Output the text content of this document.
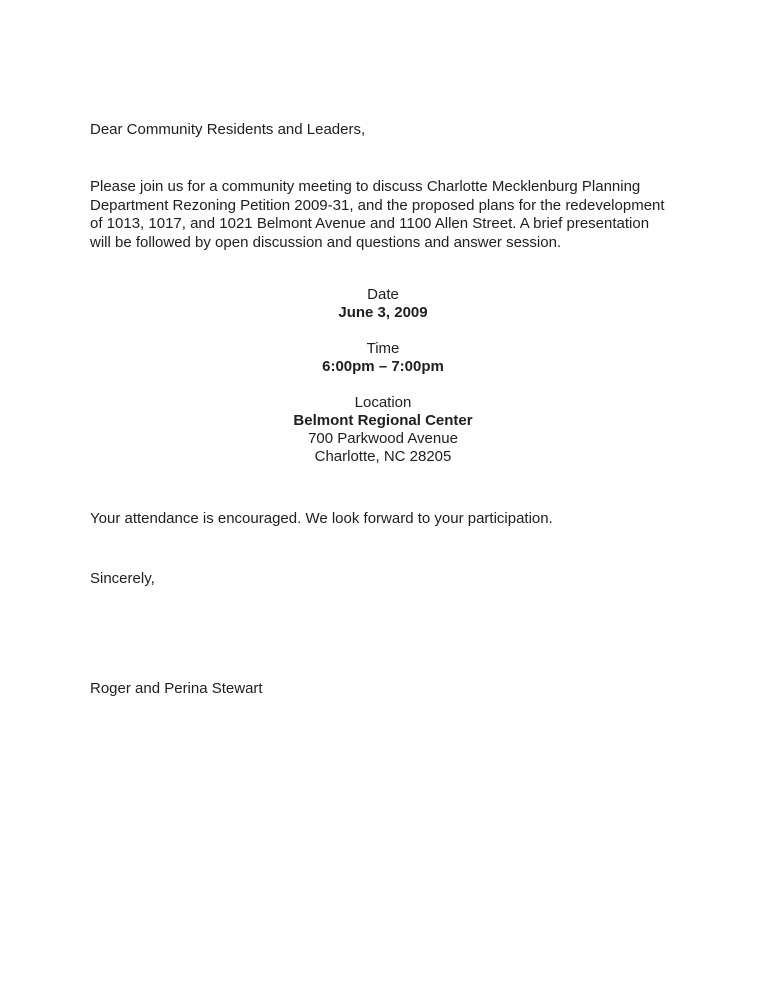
Dear Community Residents and Leaders,

Please join us for a community meeting to discuss Charlotte Mecklenburg Planning
Department Rezoning Petition 2009-31, and the proposed plans for the redevelopment
of 1013, 1017, and 1021 Belmont Avenue and 1100 Allen Street. A brief presentation
will be followed by open discussion and questions and answer session.

Date
June 3, 2009
Time
6:00pm – 7:00pm
Location
Belmont Regional Center
700 Parkwood Avenue
Charlotte, NC 28205

Your attendance is encouraged. We look forward to your participation.

Sincerely,

Roger and Perina Stewart
